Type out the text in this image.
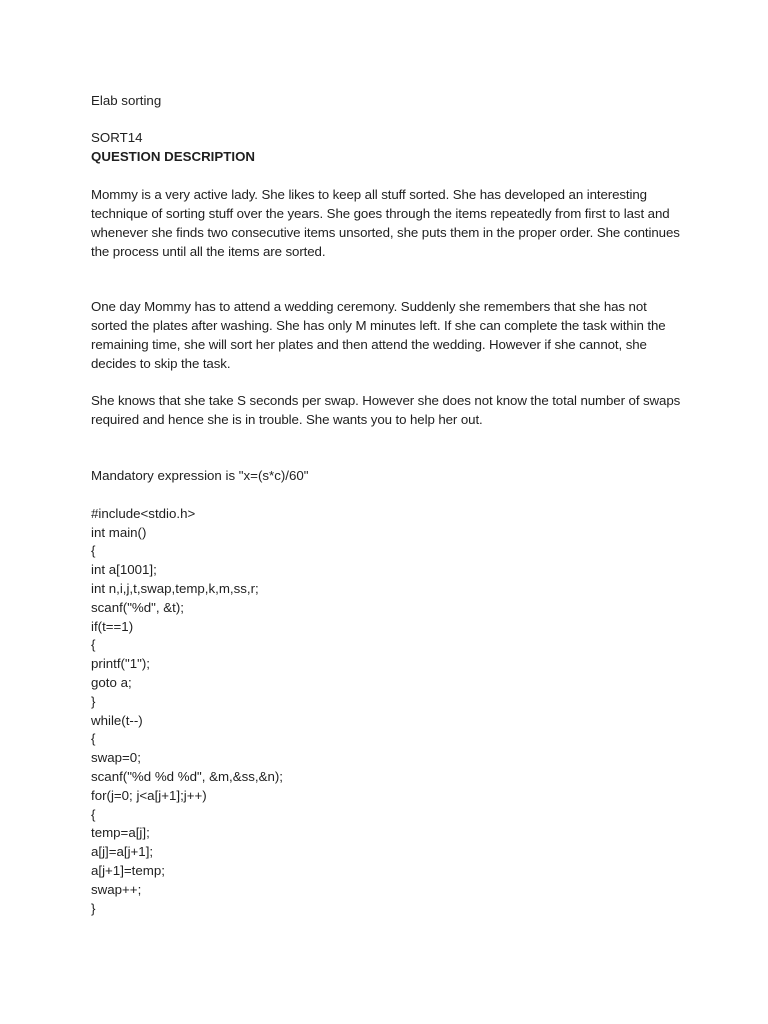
Elab sorting
SORT14
QUESTION DESCRIPTION
Mommy is a very active lady. She likes to keep all stuff sorted. She has developed an interesting technique of sorting stuff over the years. She goes through the items repeatedly from first to last and whenever she finds two consecutive items unsorted, she puts them in the proper order. She continues the process until all the items are sorted.
One day Mommy has to attend a wedding ceremony. Suddenly she remembers that she has not sorted the plates after washing. She has only M minutes left. If she can complete the task within the remaining time, she will sort her plates and then attend the wedding. However if she cannot, she decides to skip the task.
She knows that she take S seconds per swap. However she does not know the total number of swaps required and hence she is in trouble. She wants you to help her out.
Mandatory expression is "x=(s*c)/60"
#include<stdio.h>
int main()
{
int a[1001];
int n,i,j,t,swap,temp,k,m,ss,r;
scanf("%d", &t);
if(t==1)
{
printf("1");
goto a;
}
while(t--)
{
swap=0;
scanf("%d %d %d", &m,&ss,&n);
for(j=0; j<a[j+1];j++)
{
temp=a[j];
a[j]=a[j+1];
a[j+1]=temp;
swap++;
}
